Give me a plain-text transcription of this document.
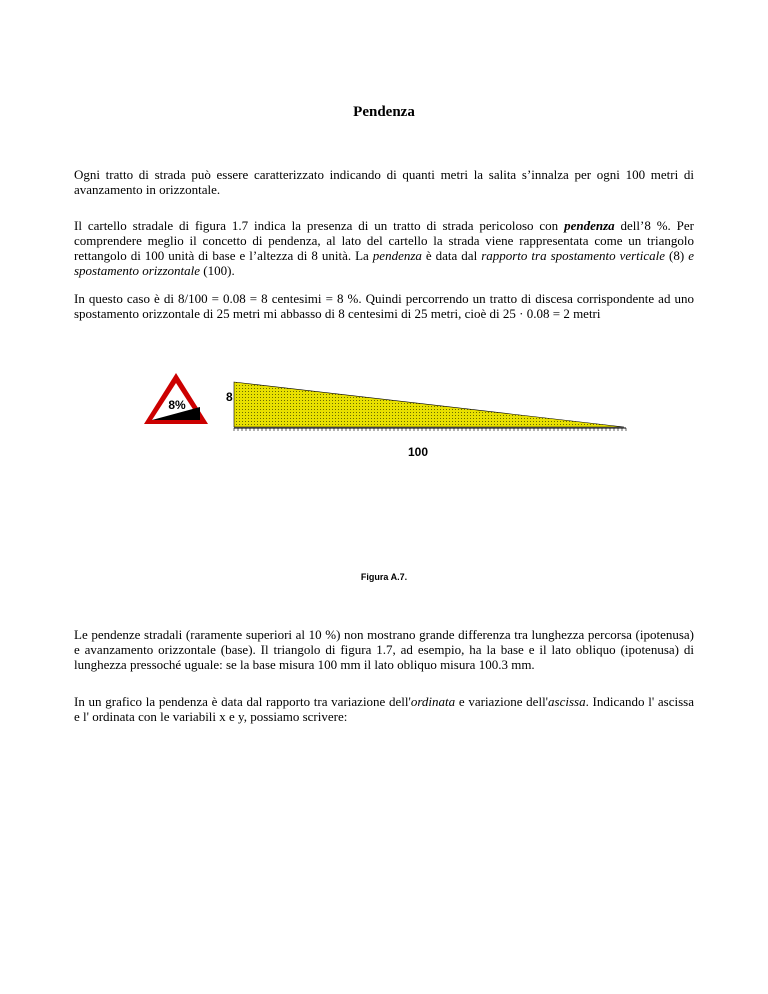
Pendenza

Ogni tratto di strada può essere caratterizzato indicando di quanti metri la salita s’innalza per ogni 100 metri di avanzamento in orizzontale.

Il cartello stradale di figura 1.7 indica la presenza di un tratto di strada pericoloso con pendenza dell’8 %. Per comprendere meglio il concetto di pendenza, al lato del cartello la strada viene rappresentata come un triangolo rettangolo di 100 unità di base e l’altezza di 8 unità. La pendenza è data dal rapporto tra spostamento verticale (8) e spostamento orizzontale (100).

In questo caso è di 8/100 = 0.08 = 8 centesimi = 8 %. Quindi percorrendo un tratto di discesa corrispondente ad uno spostamento orizzontale di 25 metri mi abbasso di 8 centesimi di 25 metri, cioè di 25 · 0.08 = 2 metri

8%
8
100
Figura A.7.

Le pendenze stradali (raramente superiori al 10 %) non mostrano grande differenza tra lunghezza percorsa (ipotenusa) e avanzamento orizzontale (base). Il triangolo di figura 1.7, ad esempio, ha la base e il lato obliquo (ipotenusa) di lunghezza pressoché uguale: se la base misura 100 mm il lato obliquo misura 100.3 mm.

In un grafico la pendenza è data dal rapporto tra variazione dell'ordinata e variazione dell'ascissa. Indicando l' ascissa e l' ordinata con le variabili x e y, possiamo scrivere:
